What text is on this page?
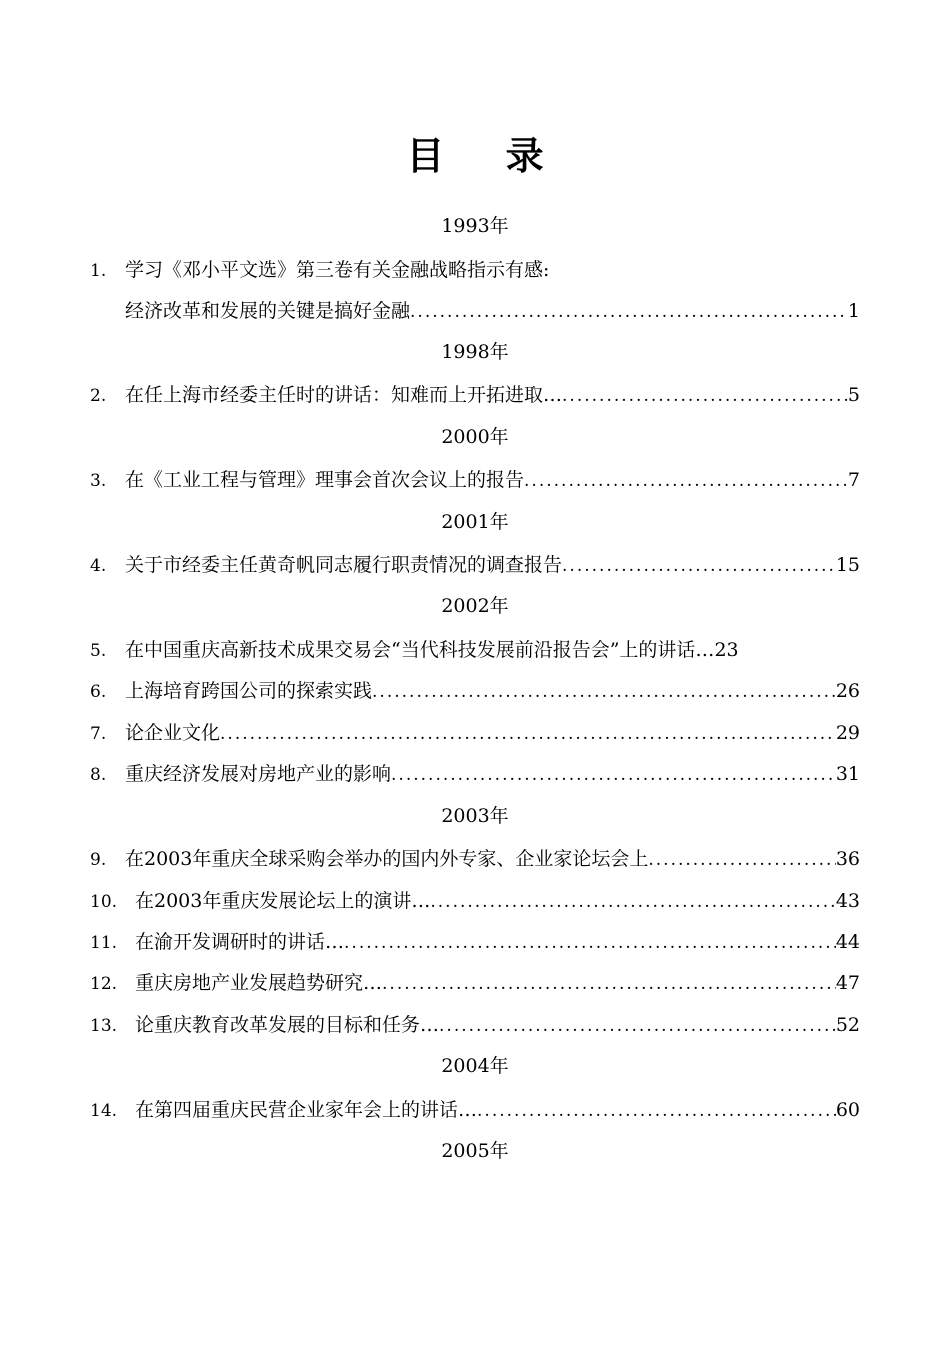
目 录
1993年
1. 学习《邓小平文选》第三卷有关金融战略指示有感:
经济改革和发展的关键是搞好金融 .....	1
1998年
2. 在任上海市经委主任时的讲话：知难而上开拓进取… .....	5
2000年
3. 在《工业工程与管理》理事会首次会议上的报告 .....	7
2001年
4. 关于市经委主任黄奇帆同志履行职责情况的调查报告 .....	15
2002年
5. 在中国重庆高新技术成果交易会“当代科技发展前沿报告会”上的讲话… 23
6. 上海培育跨国公司的探索实践 .....	26
7. 论企业文化 .....	29
8. 重庆经济发展对房地产业的影响 .....	31
2003年
9. 在2003年重庆全球采购会举办的国内外专家、企业家论坛会上 .....	36
10. 在2003年重庆发展论坛上的演讲… .....	43
11. 在渝开发调研时的讲话… .....	44
12. 重庆房地产业发展趋势研究… .....	47
13. 论重庆教育改革发展的目标和任务… .....	52
2004年
14. 在第四届重庆民营企业家年会上的讲话… .....	60
2005年
